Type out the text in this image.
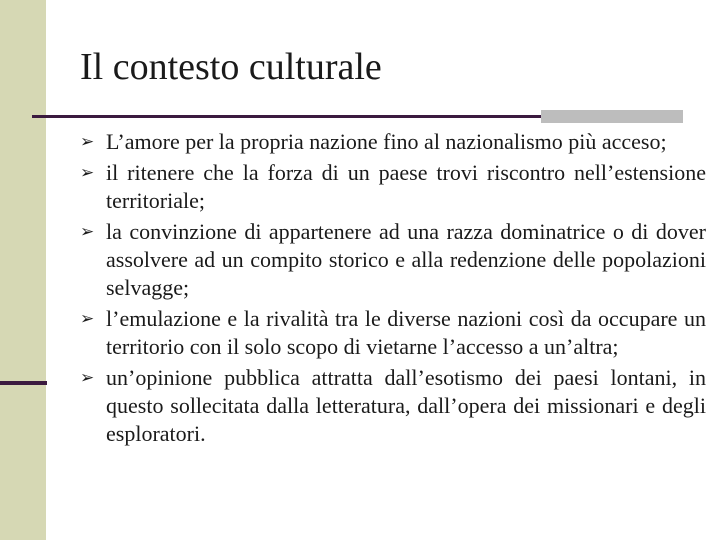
Il contesto culturale
➢ L’amore per la propria nazione fino al nazionalismo più acceso;
➢ il ritenere che la forza di un paese trovi riscontro nell’estensione territoriale;
➢ la convinzione di appartenere ad una razza dominatrice o di dover assolvere ad un compito storico e alla redenzione delle popolazioni selvagge;
➢ l’emulazione e la rivalità tra le diverse nazioni così da occupare un territorio con il solo scopo di vietarne l’accesso a un’altra;
➢ un’opinione pubblica attratta dall’esotismo dei paesi lontani, in questo sollecitata dalla letteratura, dall’opera dei missionari e degli esploratori.
